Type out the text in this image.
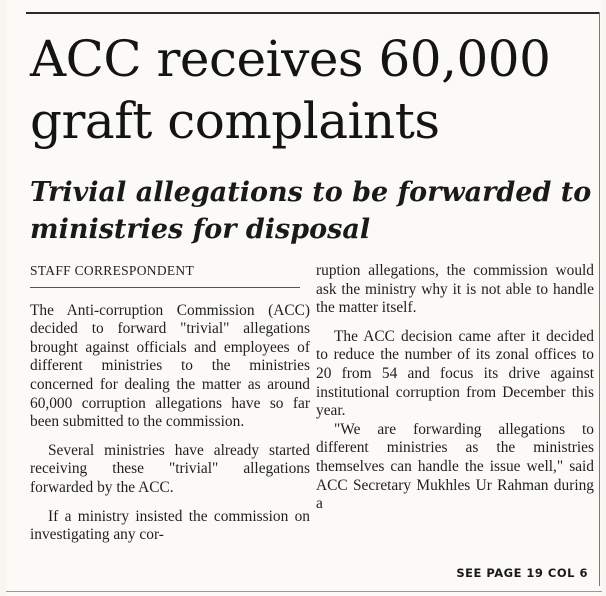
ACC receives 60,000 graft complaints
Trivial allegations to be forwarded to ministries for disposal
STAFF CORRESPONDENT

The Anti-corruption Commission (ACC) decided to forward "trivial" allegations brought against officials and employees of different ministries to the ministries concerned for dealing the matter as around 60,000 corruption allegations have so far been submitted to the commission.

Several ministries have already started receiving these "trivial" allegations forwarded by the ACC.

If a ministry insisted the commission on investigating any cor-

ruption allegations, the commission would ask the ministry why it is not able to handle the matter itself.

The ACC decision came after it decided to reduce the number of its zonal offices to 20 from 54 and focus its drive against institutional corruption from December this year.

"We are forwarding allegations to different ministries as the ministries themselves can handle the issue well," said ACC Secretary Mukhles Ur Rahman during a

SEE PAGE 19 COL 6
